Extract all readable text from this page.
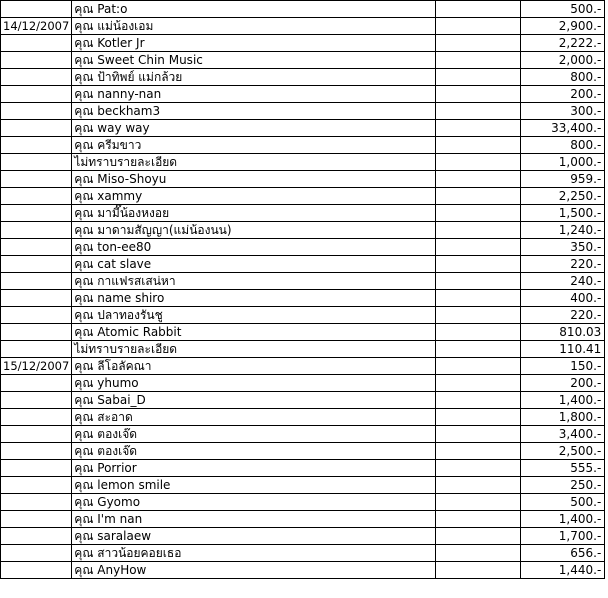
	คุณ Pat:o		500.-
14/12/2007	คุณ แม่น้องเอม		2,900.-
	คุณ Kotler Jr		2,222.-
	คุณ Sweet Chin Music		2,000.-
	คุณ ป้าทิพย์ แม่กล้วย		800.-
	คุณ nanny-nan		200.-
	คุณ beckham3		300.-
	คุณ way way		33,400.-
	คุณ ครีมขาว		800.-
	ไม่ทราบรายละเอียด		1,000.-
	คุณ Miso-Shoyu		959.-
	คุณ xammy		2,250.-
	คุณ มามี๊น้องหงอย		1,500.-
	คุณ มาดามสัญญา(แม่น้องนน)		1,240.-
	คุณ ton-ee80		350.-
	คุณ cat slave		220.-
	คุณ กาแฟรสเสน่หา		240.-
	คุณ name shiro		400.-
	คุณ ปลาทองรันชู		220.-
	คุณ Atomic Rabbit		810.03
	ไม่ทราบรายละเอียด		110.41
15/12/2007	คุณ ลีโอลัคณา		150.-
	คุณ yhumo		200.-
	คุณ Sabai_D		1,400.-
	คุณ สะอาด		1,800.-
	คุณ ตองเจ๊ด		3,400.-
	คุณ ตองเจ๊ด		2,500.-
	คุณ Porrior		555.-
	คุณ lemon smile		250.-
	คุณ Gyomo		500.-
	คุณ I'm nan		1,400.-
	คุณ saralaew		1,700.-
	คุณ สาวน้อยคอยเธอ		656.-
	คุณ AnyHow		1,440.-
